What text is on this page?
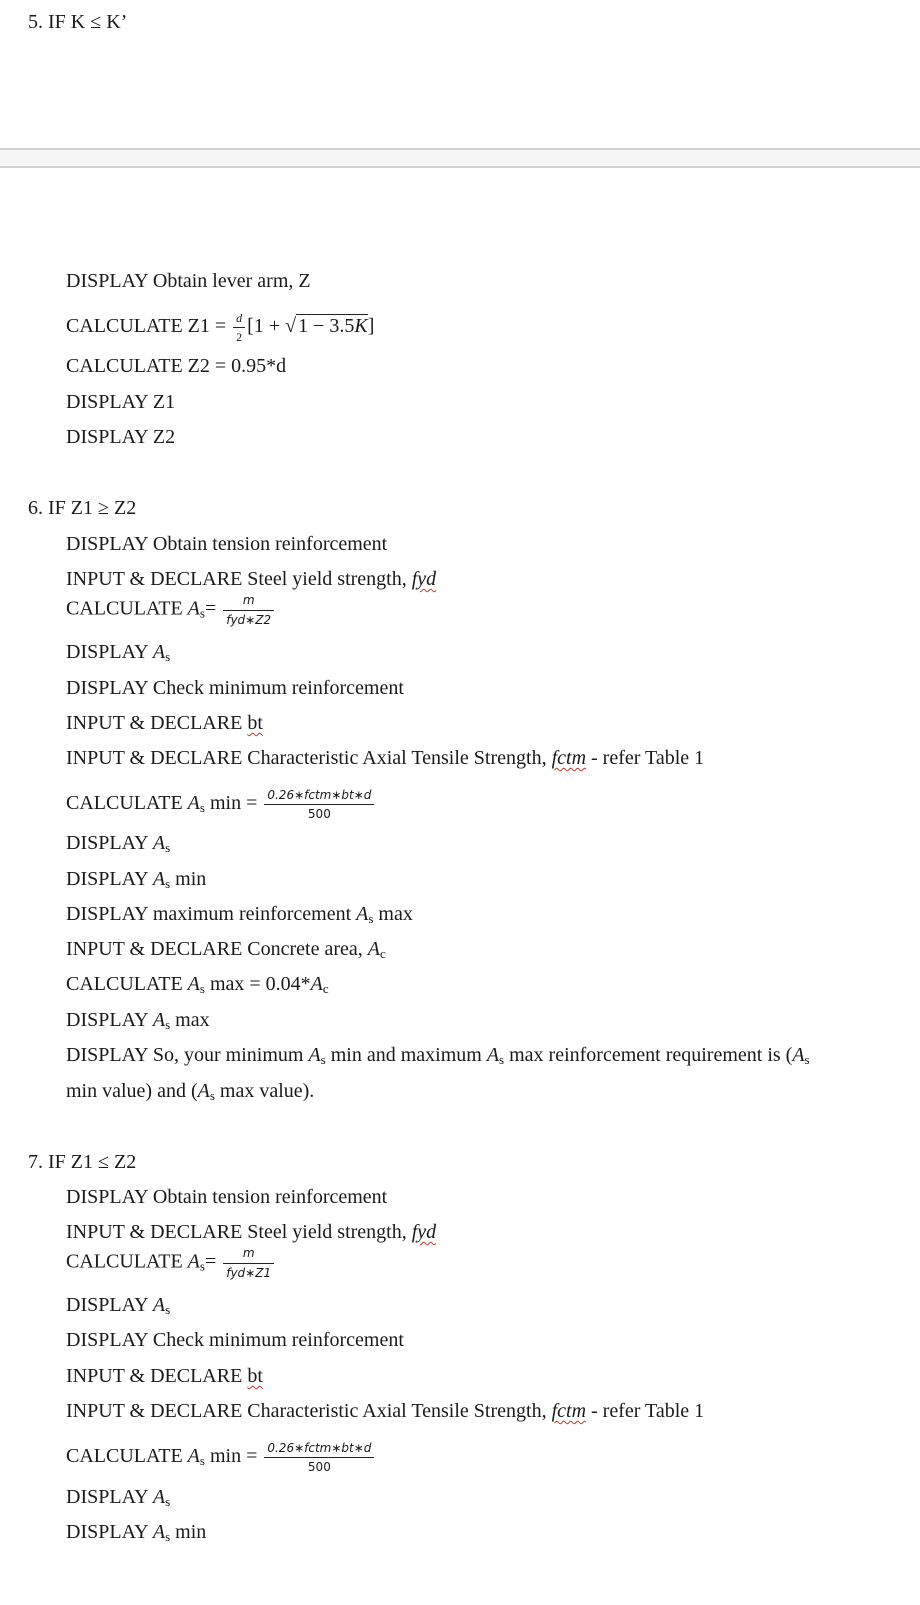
5. IF K ≤ K’
DISPLAY Obtain lever arm, Z
CALCULATE $Z1 = \frac{d}{2} [1$ + √ 1 − 3.5K]
CALCULATE Z2 = 0.95*d
DISPLAY Z1
DISPLAY Z2
6. IF Z1 ≥ Z2
DISPLAY Obtain tension reinforcement
INPUT & DECLARE Steel yield strength, fyd
CALCULATE $A_s= \frac{m}{\text{fyd∗Z2}}$
DISPLAY $A_s$
DISPLAY Check minimum reinforcement
INPUT & DECLARE bt
INPUT & DECLARE Characteristic Axial Tensile Strength, fctm - refer Table 1
CALCULATE $A_s$ $\min = \frac{\text{0.26∗fctm∗bt∗d}}{500}$
DISPLAY $A_s$
DISPLAY $A_s$ min
DISPLAY maximum reinforcement $A_s$ max
INPUT & DECLARE Concrete area, $A_c$
CALCULATE $A_s$ $\max = 0.04*A_c$
DISPLAY $A_s$ max
DISPLAY So, your minimum $A_s$ min and maximum $A_s$ max reinforcement requirement is ($A_s$
min value) and ($A_s$ max value).
7. IF Z1 ≤ Z2
DISPLAY Obtain tension reinforcement
INPUT & DECLARE Steel yield strength, fyd
CALCULATE $A_s= \frac{m}{\text{fyd∗Z1}}$
DISPLAY $A_s$
DISPLAY Check minimum reinforcement
INPUT & DECLARE bt
INPUT & DECLARE Characteristic Axial Tensile Strength, fctm - refer Table 1
CALCULATE $A_s$ $\min = \frac{\text{0.26∗fctm∗bt∗d}}{500}$
DISPLAY $A_s$
DISPLAY $A_s$ min
